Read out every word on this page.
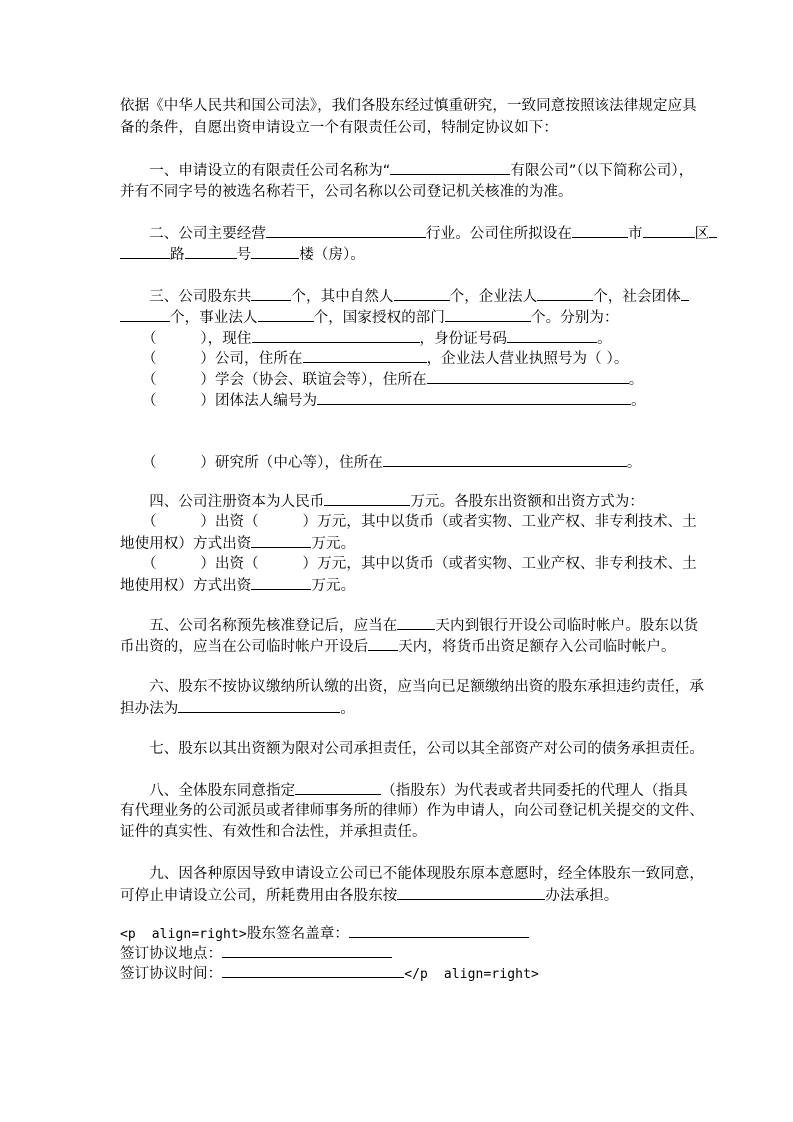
依据《中华人民共和国公司法》，我们各股东经过慎重研究，一致同意按照该法律规定应具
备的条件，自愿出资申请设立一个有限责任公司，特制定协议如下：
　　一、申请设立的有限责任公司名称为“	有限公司”（以下简称公司），
并有不同字号的被选名称若干，公司名称以公司登记机关核准的为准。
　　二、公司主要经营	行业。公司住所拟设在	市	区
路	号	楼（房）。
　　三、公司股东共	个，其中自然人	个，企业法人	个，社会团体
个，事业法人	个，国家授权的部门	个。分别为：
　　（　　　），现住	，身份证号码	。
　　（　　　）公司，住所在	，企业法人营业执照号为（ ）。
　　（　　　）学会（协会、联谊会等），住所在	。
　　（　　　）团体法人编号为	。
　　（　　　）研究所（中心等），住所在	。
　　四、公司注册资本为人民币	万元。各股东出资额和出资方式为：
　　（　　　）出资（　　　）万元，其中以货币（或者实物、工业产权、非专利技术、土
地使用权）方式出资	万元。
　　（　　　）出资（　　　）万元，其中以货币（或者实物、工业产权、非专利技术、土
地使用权）方式出资	万元。
　　五、公司名称预先核准登记后，应当在	天内到银行开设公司临时帐户。股东以货
币出资的，应当在公司临时帐户开设后 天内，将货币出资足额存入公司临时帐户。
　　六、股东不按协议缴纳所认缴的出资，应当向已足额缴纳出资的股东承担违约责任，承
担办法为	。
　　七、股东以其出资额为限对公司承担责任，公司以其全部资产对公司的债务承担责任。
　　八、全体股东同意指定	（指股东）为代表或者共同委托的代理人（指具
有代理业务的公司派员或者律师事务所的律师）作为申请人，向公司登记机关提交的文件、
证件的真实性、有效性和合法性，并承担责任。
　　九、因各种原因导致申请设立公司已不能体现股东原本意愿时，经全体股东一致同意，
可停止申请设立公司，所耗费用由各股东按	办法承担。
<p  align=right>股东签名盖章：
签订协议地点：
签订协议时间：	</p  align=right>
